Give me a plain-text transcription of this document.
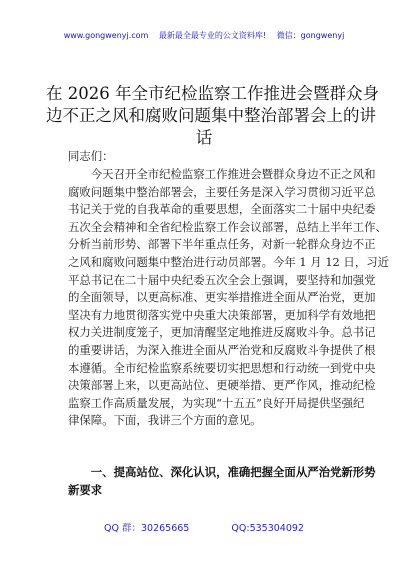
www.gongwenyj.com 最新最全最专业的公文资料库! 微信：gongwenyj
在 2026 年全市纪检监察工作推进会暨群众身
边不正之风和腐败问题集中整治部署会上的讲
话
同志们：
　　今天召开全市纪检监察工作推进会暨群众身边不正之风和
腐败问题集中整治部署会，主要任务是深入学习贯彻习近平总
书记关于党的自我革命的重要思想，全面落实二十届中央纪委
五次全会精神和全省纪检监察工作会议部署，总结上半年工作、
分析当前形势、部署下半年重点任务，对新一轮群众身边不正
之风和腐败问题集中整治进行动员部署。今年 1 月 12 日，习近
平总书记在二十届中央纪委五次全会上强调，要坚持和加强党
的全面领导，以更高标准、更实举措推进全面从严治党，更加
坚决有力地贯彻落实党中央重大决策部署，更加科学有效地把
权力关进制度笼子，更加清醒坚定地推进反腐败斗争。总书记
的重要讲话，为深入推进全面从严治党和反腐败斗争提供了根
本遵循。全市纪检监察系统要切实把思想和行动统一到党中央
决策部署上来，以更高站位、更硬举措、更严作风，推动纪检
监察工作高质量发展，为实现“十五五”良好开局提供坚强纪
律保障。下面，我讲三个方面的意见。
　　一、提高站位、深化认识，准确把握全面从严治党新形势
新要求
QQ 群：30265665	QQ:535304092
